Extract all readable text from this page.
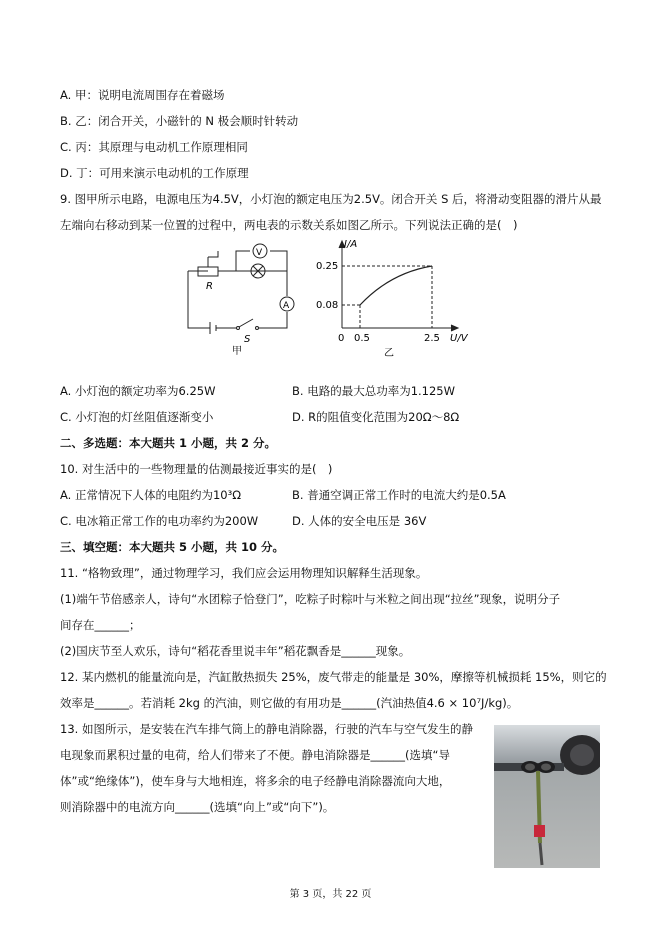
A. 甲：说明电流周围存在着磁场
B. 乙：闭合开关，小磁针的 N 极会顺时针转动
C. 丙：其原理与电动机工作原理相同
D. 丁：可用来演示电动机的工作原理
9. 图甲所示电路，电源电压为4.5V，小灯泡的额定电压为2.5V。闭合开关 S 后，将滑动变阻器的滑片从最
左端向右移动到某一位置的过程中，两电表的示数关系如图乙所示。下列说法正确的是(　)
V
A
R
S
甲
I/A
0.25
0.08
0 0.5	2.5 U/V
乙
A. 小灯泡的额定功率为6.25W	B. 电路的最大总功率为1.125W
C. 小灯泡的灯丝阻值逐渐变小	D. R的阻值变化范围为20Ω～8Ω
二、多选题：本大题共 1 小题，共 2 分。
10. 对生活中的一些物理量的估测最接近事实的是(　)
A. 正常情况下人体的电阻约为10³Ω	B. 普通空调正常工作时的电流大约是0.5A
C. 电冰箱正常工作的电功率约为200W	D. 人体的安全电压是 36V
三、填空题：本大题共 5 小题，共 10 分。
11. “格物致理”，通过物理学习，我们应会运用物理知识解释生活现象。
(1)端午节倍感亲人，诗句“水团粽子恰登门”，吃粽子时粽叶与米粒之间出现“拉丝”现象，说明分子
间存在______；
(2)国庆节至人欢乐，诗句“稻花香里说丰年”稻花飘香是______现象。
12. 某内燃机的能量流向是，汽缸散热损失 25%，废气带走的能量是 30%，摩擦等机械损耗 15%，则它的
效率是______。若消耗 2kg 的汽油，则它做的有用功是______(汽油热值4.6 × 10⁷J/kg)。
13. 如图所示，是安装在汽车排气筒上的静电消除器，行驶的汽车与空气发生的静
电现象而累积过量的电荷，给人们带来了不便。静电消除器是______(选填“导
体”或“绝缘体”)，使车身与大地相连，将多余的电子经静电消除器流向大地，
则消除器中的电流方向______(选填“向上”或“向下”)。
第 3 页，共 22 页
